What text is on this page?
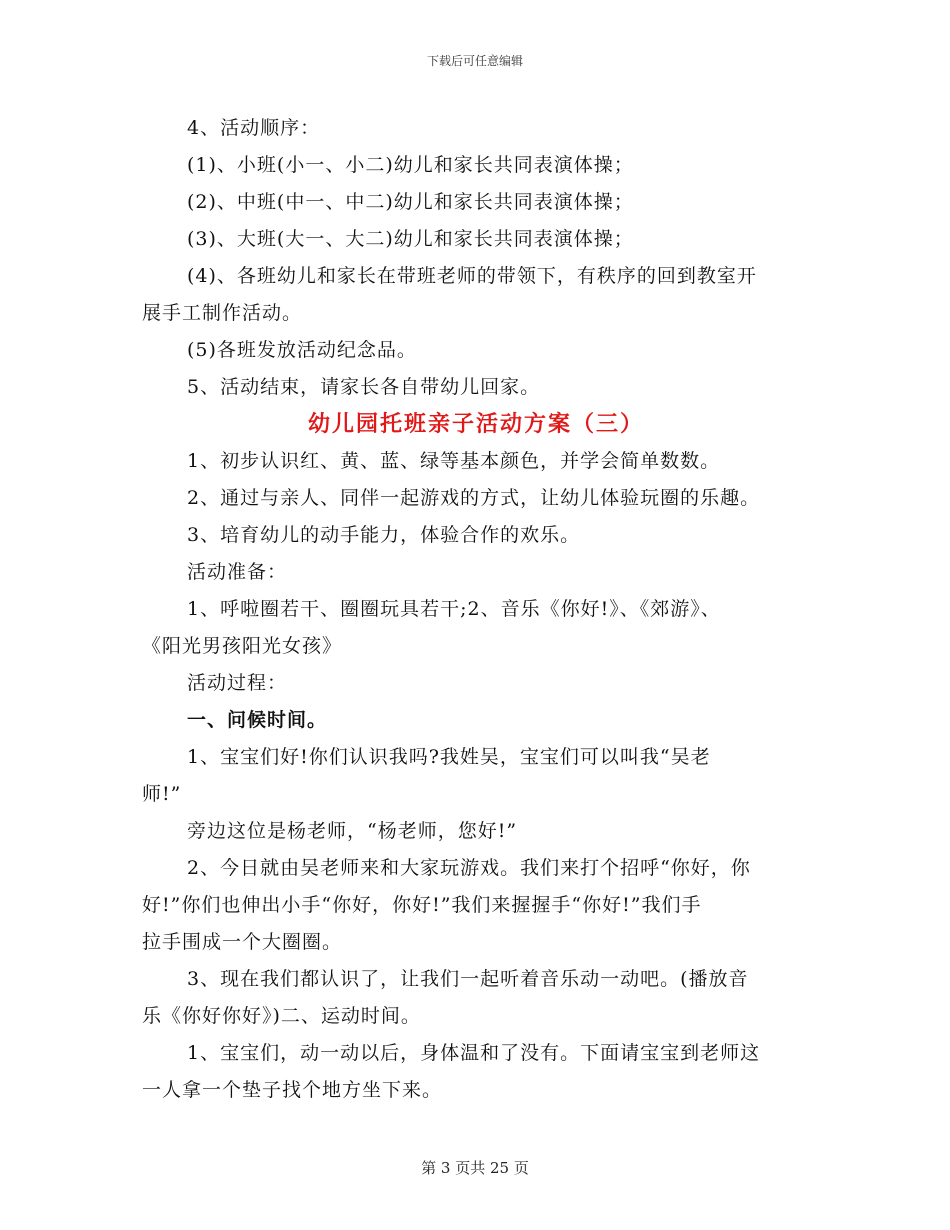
下载后可任意编辑
4、活动顺序：
(1)、小班(小一、小二)幼儿和家长共同表演体操；
(2)、中班(中一、中二)幼儿和家长共同表演体操；
(3)、大班(大一、大二)幼儿和家长共同表演体操；
(4)、各班幼儿和家长在带班老师的带领下，有秩序的回到教室开
展手工制作活动。
(5)各班发放活动纪念品。
5、活动结束，请家长各自带幼儿回家。
幼儿园托班亲子活动方案（三）
1、初步认识红、黄、蓝、绿等基本颜色，并学会简单数数。
2、通过与亲人、同伴一起游戏的方式，让幼儿体验玩圈的乐趣。
3、培育幼儿的动手能力，体验合作的欢乐。
活动准备：
1、呼啦圈若干、圈圈玩具若干;2、音乐《你好!》、《郊游》、
《阳光男孩阳光女孩》
活动过程：
一、问候时间。
1、宝宝们好!你们认识我吗?我姓吴，宝宝们可以叫我“吴老
师!”
旁边这位是杨老师，“杨老师，您好!”
2、今日就由吴老师来和大家玩游戏。我们来打个招呼“你好，你
好!”你们也伸出小手“你好，你好!”我们来握握手“你好!”我们手
拉手围成一个大圈圈。
3、现在我们都认识了，让我们一起听着音乐动一动吧。(播放音
乐《你好你好》)二、运动时间。
1、宝宝们，动一动以后，身体温和了没有。下面请宝宝到老师这
一人拿一个垫子找个地方坐下来。
第 3 页共 25 页
